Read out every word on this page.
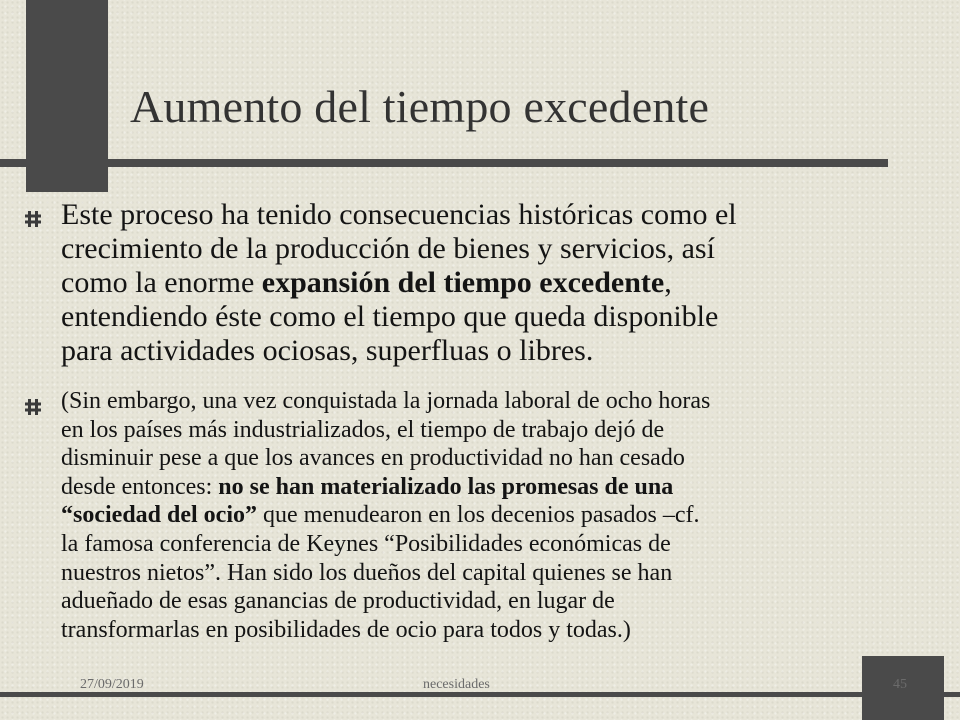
Aumento del tiempo excedente

Este proceso ha tenido consecuencias históricas como el
crecimiento de la producción de bienes y servicios, así
como la enorme expansión del tiempo excedente,
entendiendo éste como el tiempo que queda disponible
para actividades ociosas, superfluas o libres.

(Sin embargo, una vez conquistada la jornada laboral de ocho horas
en los países más industrializados, el tiempo de trabajo dejó de
disminuir pese a que los avances en productividad no han cesado
desde entonces: no se han materializado las promesas de una
“sociedad del ocio” que menudearon en los decenios pasados –cf.
la famosa conferencia de Keynes “Posibilidades económicas de
nuestros nietos”. Han sido los dueños del capital quienes se han
adueñado de esas ganancias de productividad, en lugar de
transformarlas en posibilidades de ocio para todos y todas.)

27/09/2019	necesidades	45
